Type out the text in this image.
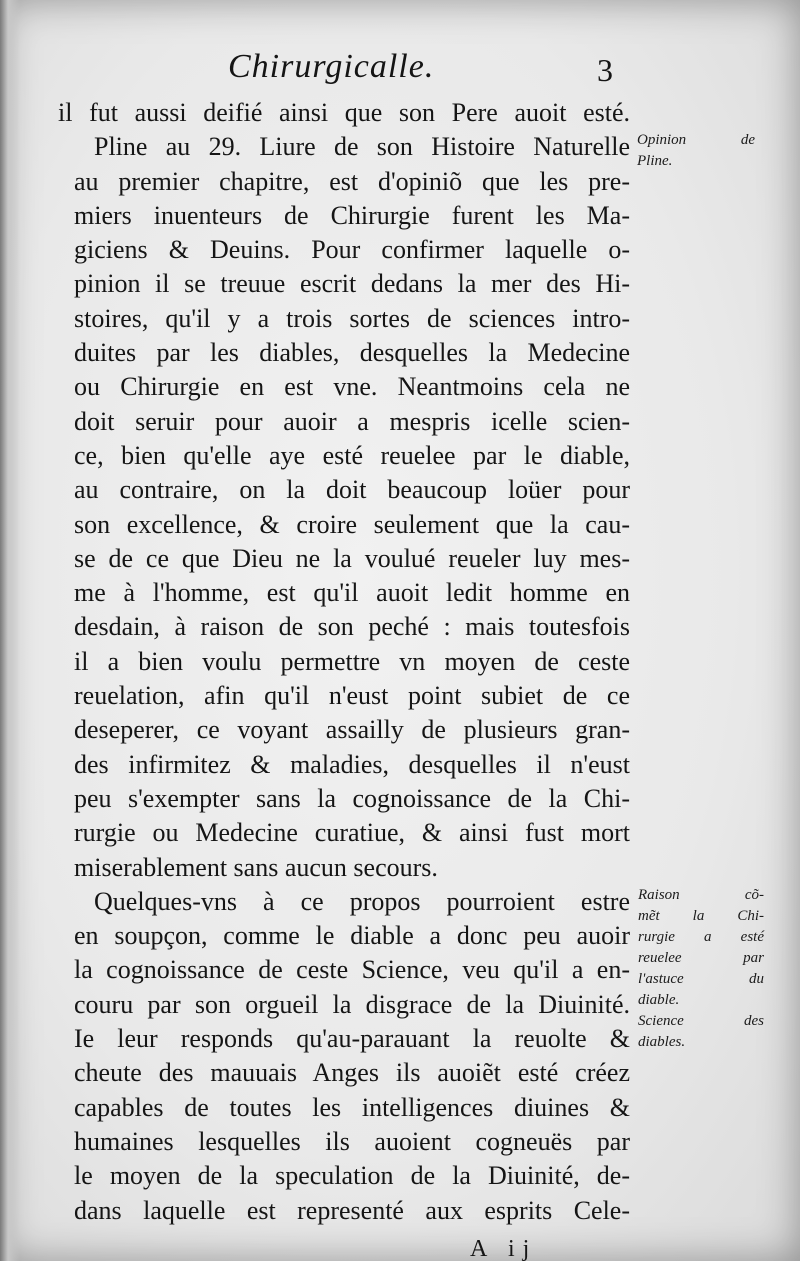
Chirurgicalle.	3
il fut aussi deifié ainsi que son Pere auoit esté.
Pline au 29. Liure de son Histoire Naturelle
au premier chapitre, est d'opiniõ que les pre-
miers inuenteurs de Chirurgie furent les Ma-
giciens & Deuins. Pour confirmer laquelle o-
pinion il se treuue escrit dedans la mer des Hi-
stoires, qu'il y a trois sortes de sciences intro-
duites par les diables, desquelles la Medecine
ou Chirurgie en est vne. Neantmoins cela ne
doit seruir pour auoir a mespris icelle scien-
ce, bien qu'elle aye esté reuelee par le diable,
au contraire, on la doit beaucoup loüer pour
son excellence, & croire seulement que la cau-
se de ce que Dieu ne la voulué reueler luy mes-
me à l'homme, est qu'il auoit ledit homme en
desdain, à raison de son peché : mais toutesfois
il a bien voulu permettre vn moyen de ceste
reuelation, afin qu'il n'eust point subiet de ce
deseperer, ce voyant assailly de plusieurs gran-
des infirmitez & maladies, desquelles il n'eust
peu s'exempter sans la cognoissance de la Chi-
rurgie ou Medecine curatiue, & ainsi fust mort
miserablement sans aucun secours.
Quelques-vns à ce propos pourroient estre
en soupçon, comme le diable a donc peu auoir
la cognoissance de ceste Science, veu qu'il a en-
couru par son orgueil la disgrace de la Diuinité.
Ie leur responds qu'au-parauant la reuolte &
cheute des mauuais Anges ils auoiẽt esté créez
capables de toutes les intelligences diuines &
humaines lesquelles ils auoient cogneuës par
le moyen de la speculation de la Diuinité, de-
dans laquelle est representé aux esprits Cele-
Opinion de
Pline.
Raison cõ-
mẽt la Chi-
rurgie a esté
reuelee par
l'astuce du
diable.
Science des
diables.
A ij
